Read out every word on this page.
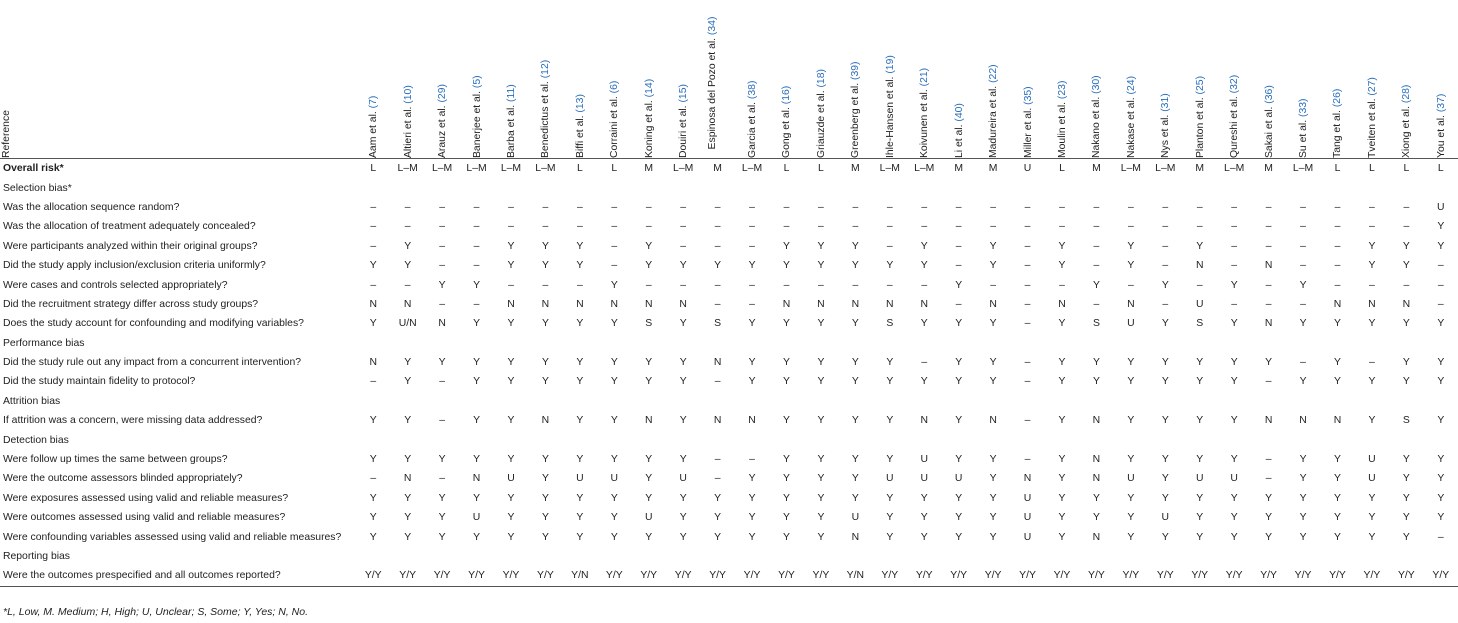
Reference	Aam et al. (7)	Altieri et al. (10)	Arauz et al. (29)	Banerjee et al. (5)	Barba et al. (11)	Benedictus et al. (12)	Biffi et al. (13)	Corraini et al. (6)	Koning et al. (14)	Douiri et al. (15)	Espinosa del Pozo et al. (34)	Garcia et al. (38)	Gong et al. (16)	Griauzde et al. (18)	Greenberg et al. (39)	Ihle-Hansen et al. (19)	Koivunen et al. (21)	Li et al. (40)	Madureira et al. (22)	Miller et al. (35)	Moulin et al. (23)	Nakano et al. (30)	Nakase et al. (24)	Nys et al. (31)	Planton et al. (25)	Qureshi et al. (32)	Sakai et al. (36)	Su et al. (33)	Tang et al. (26)	Tveiten et al. (27)	Xiong et al. (28)	You et al. (37)

Overall risk*	L	L–M	L–M	L–M	L–M	L–M	L	L	M	L–M	M	L–M	L	L	M	L–M	L–M	M	M	U	L	M	L–M	L–M	M	L–M	M	L–M	L	L	L	L
Selection bias*																																
Was the allocation sequence random?	–	–	–	–	–	–	–	–	–	–	–	–	–	–	–	–	–	–	–	–	–	–	–	–	–	–	–	–	–	–	–	U
Was the allocation of treatment adequately concealed?	–	–	–	–	–	–	–	–	–	–	–	–	–	–	–	–	–	–	–	–	–	–	–	–	–	–	–	–	–	–	–	Y
Were participants analyzed within their original groups?	–	Y	–	–	Y	Y	Y	–	Y	–	–	–	Y	Y	Y	–	Y	–	Y	–	Y	–	Y	–	Y	–	–	–	–	Y	Y	Y
Did the study apply inclusion/exclusion criteria uniformly?	Y	Y	–	–	Y	Y	Y	–	Y	Y	Y	Y	Y	Y	Y	Y	Y	–	Y	–	Y	–	Y	–	N	–	N	–	–	Y	Y	–
Were cases and controls selected appropriately?	–	–	Y	Y	–	–	–	Y	–	–	–	–	–	–	–	–	–	Y	–	–	–	Y	–	Y	–	Y	–	Y	–	–	–	–
Did the recruitment strategy differ across study groups?	N	N	–	–	N	N	N	N	N	N	–	–	N	N	N	N	N	–	N	–	N	–	N	–	U	–	–	–	N	N	N	–
Does the study account for confounding and modifying variables?	Y	U/N	N	Y	Y	Y	Y	Y	S	Y	S	Y	Y	Y	Y	S	Y	Y	Y	–	Y	S	U	Y	S	Y	N	Y	Y	Y	Y	Y
Performance bias																																
Did the study rule out any impact from a concurrent intervention?	N	Y	Y	Y	Y	Y	Y	Y	Y	Y	N	Y	Y	Y	Y	Y	–	Y	Y	–	Y	Y	Y	Y	Y	Y	Y	–	Y	–	Y	Y
Did the study maintain fidelity to protocol?	–	Y	–	Y	Y	Y	Y	Y	Y	Y	–	Y	Y	Y	Y	Y	Y	Y	Y	–	Y	Y	Y	Y	Y	Y	–	Y	Y	Y	Y	Y
Attrition bias																																
If attrition was a concern, were missing data addressed?	Y	Y	–	Y	Y	N	Y	Y	N	Y	N	N	Y	Y	Y	Y	N	Y	N	–	Y	N	Y	Y	Y	Y	N	N	N	Y	S	Y
Detection bias																																
Were follow up times the same between groups?	Y	Y	Y	Y	Y	Y	Y	Y	Y	Y	–	–	Y	Y	Y	Y	U	Y	Y	–	Y	N	Y	Y	Y	Y	–	Y	Y	U	Y	Y
Were the outcome assessors blinded appropriately?	–	N	–	N	U	Y	U	U	Y	U	–	Y	Y	Y	Y	U	U	U	Y	N	Y	N	U	Y	U	U	–	Y	Y	U	Y	Y
Were exposures assessed using valid and reliable measures?	Y	Y	Y	Y	Y	Y	Y	Y	Y	Y	Y	Y	Y	Y	Y	Y	Y	Y	Y	U	Y	Y	Y	Y	Y	Y	Y	Y	Y	Y	Y	Y
Were outcomes assessed using valid and reliable measures?	Y	Y	Y	U	Y	Y	Y	Y	U	Y	Y	Y	Y	Y	U	Y	Y	Y	Y	U	Y	Y	Y	U	Y	Y	Y	Y	Y	Y	Y	Y
Were confounding variables assessed using valid and reliable measures?	Y	Y	Y	Y	Y	Y	Y	Y	Y	Y	Y	Y	Y	Y	N	Y	Y	Y	Y	U	Y	N	Y	Y	Y	Y	Y	Y	Y	Y	Y	–
Reporting bias																																
Were the outcomes prespecified and all outcomes reported?	Y/Y	Y/Y	Y/Y	Y/Y	Y/Y	Y/Y	Y/N	Y/Y	Y/Y	Y/Y	Y/Y	Y/Y	Y/Y	Y/Y	Y/N	Y/Y	Y/Y	Y/Y	Y/Y	Y/Y	Y/Y	Y/Y	Y/Y	Y/Y	Y/Y	Y/Y	Y/Y	Y/Y	Y/Y	Y/Y	Y/Y	Y/Y
*L, Low, M. Medium; H, High; U, Unclear; S, Some; Y, Yes; N, No.
